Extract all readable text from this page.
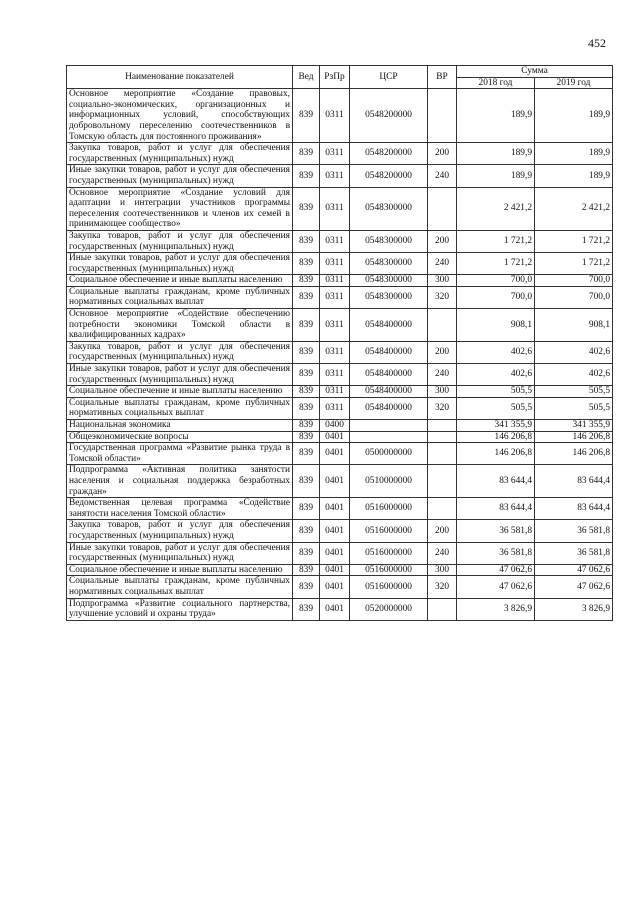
452
Наименование показателей	Вед	РзПр	ЦСР	ВР	Сумма	
					2018 год	2019 год
Основное мероприятие «Создание правовых, социально-экономических, организационных и информационных условий, способствующих добровольному переселению соотечественников в Томскую область для постоянного проживания»	839	0311	0548200000		189,9	189,9
Закупка товаров, работ и услуг для обеспечения государственных (муниципальных) нужд	839	0311	0548200000	200	189,9	189,9
Иные закупки товаров, работ и услуг для обеспечения государственных (муниципальных) нужд	839	0311	0548200000	240	189,9	189,9
Основное мероприятие «Создание условий для адаптации и интеграции участников программы переселения соотечественников и членов их семей в принимающее сообщество»	839	0311	0548300000		2 421,2	2 421,2
Закупка товаров, работ и услуг для обеспечения государственных (муниципальных) нужд	839	0311	0548300000	200	1 721,2	1 721,2
Иные закупки товаров, работ и услуг для обеспечения государственных (муниципальных) нужд	839	0311	0548300000	240	1 721,2	1 721,2
Социальное обеспечение и иные выплаты населению	839	0311	0548300000	300	700,0	700,0
Социальные выплаты гражданам, кроме публичных нормативных социальных выплат	839	0311	0548300000	320	700,0	700,0
Основное мероприятие «Содействие обеспечению потребности экономики Томской области в квалифицированных кадрах»	839	0311	0548400000		908,1	908,1
Закупка товаров, работ и услуг для обеспечения государственных (муниципальных) нужд	839	0311	0548400000	200	402,6	402,6
Иные закупки товаров, работ и услуг для обеспечения государственных (муниципальных) нужд	839	0311	0548400000	240	402,6	402,6
Социальное обеспечение и иные выплаты населению	839	0311	0548400000	300	505,5	505,5
Социальные выплаты гражданам, кроме публичных нормативных социальных выплат	839	0311	0548400000	320	505,5	505,5
Национальная экономика	839	0400			341 355,9	341 355,9
Общеэкономические вопросы	839	0401			146 206,8	146 206,8
Государственная программа «Развитие рынка труда в Томской области»	839	0401	0500000000		146 206,8	146 206,8
Подпрограмма «Активная политика занятости населения и социальная поддержка безработных граждан»	839	0401	0510000000		83 644,4	83 644,4
Ведомственная целевая программа «Содействие занятости населения Томской области»	839	0401	0516000000		83 644,4	83 644,4
Закупка товаров, работ и услуг для обеспечения государственных (муниципальных) нужд	839	0401	0516000000	200	36 581,8	36 581,8
Иные закупки товаров, работ и услуг для обеспечения государственных (муниципальных) нужд	839	0401	0516000000	240	36 581,8	36 581,8
Социальное обеспечение и иные выплаты населению	839	0401	0516000000	300	47 062,6	47 062,6
Социальные выплаты гражданам, кроме публичных нормативных социальных выплат	839	0401	0516000000	320	47 062,6	47 062,6
Подпрограмма «Развитие социального партнерства, улучшение условий и охраны труда»	839	0401	0520000000		3 826,9	3 826,9
